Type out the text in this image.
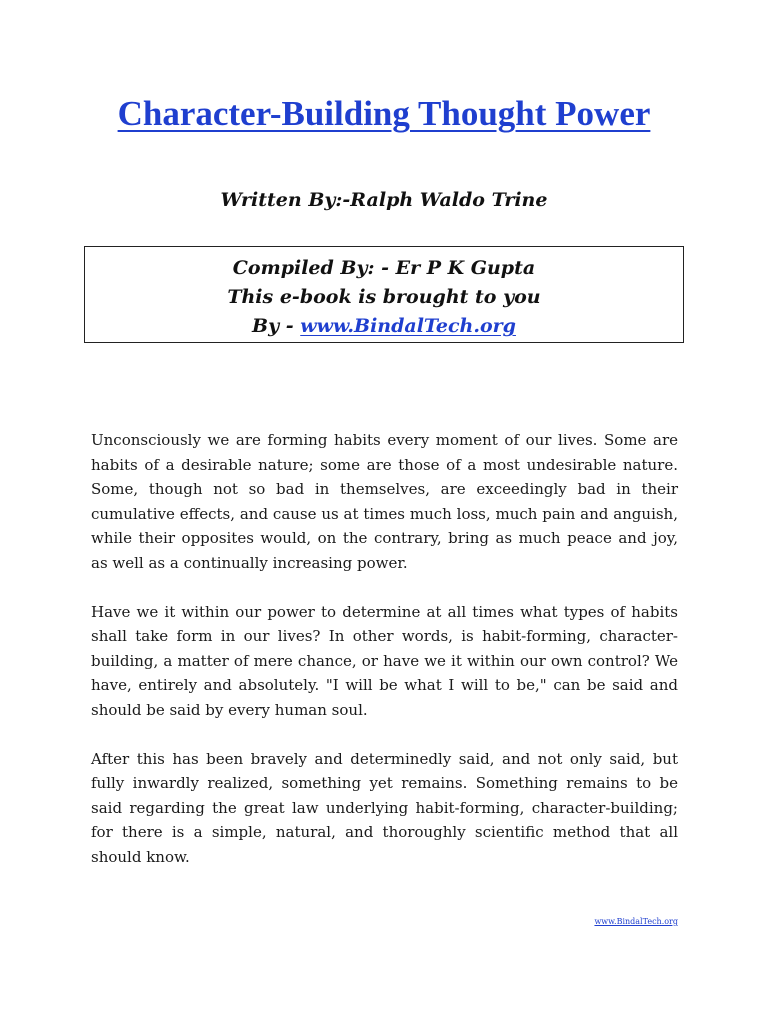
Character-Building Thought Power
Written By:-Ralph Waldo Trine
Compiled By: - Er P K Gupta
This e-book is brought to you
By - www.BindalTech.org

Unconsciously we are forming habits every moment of our lives. Some are habits of a desirable nature; some are those of a most undesirable nature. Some, though not so bad in themselves, are exceedingly bad in their cumulative effects, and cause us at times much loss, much pain and anguish, while their opposites would, on the contrary, bring as much peace and joy, as well as a continually increasing power.

Have we it within our power to determine at all times what types of habits shall take form in our lives? In other words, is habit-forming, character-building, a matter of mere chance, or have we it within our own control? We have, entirely and absolutely. "I will be what I will to be," can be said and should be said by every human soul.

After this has been bravely and determinedly said, and not only said, but fully inwardly realized, something yet remains. Something remains to be said regarding the great law underlying habit-forming, character-building; for there is a simple, natural, and thoroughly scientific method that all should know.

www.BindalTech.org
